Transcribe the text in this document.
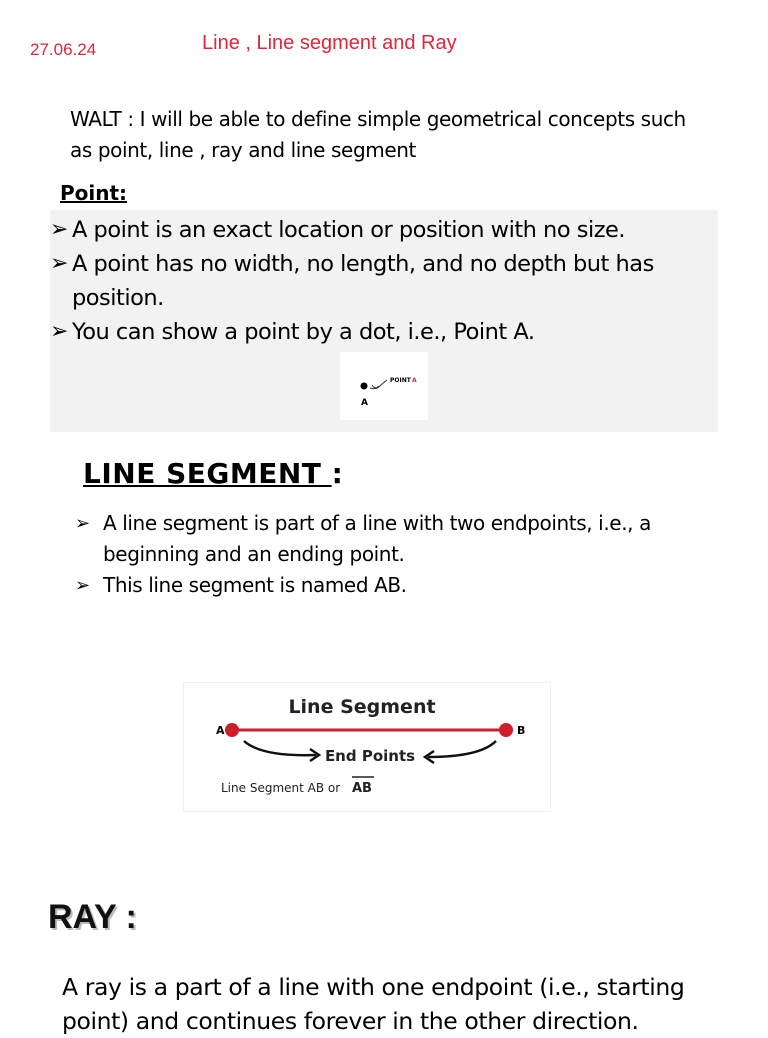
27.06.24	Line , Line segment and Ray
WALT : I will be able to define simple geometrical concepts such as point, line , ray and line segment
Point:
➢ A point is an exact location or position with no size.
➢ A point has no width, no length, and no depth but has position.
➢ You can show a point by a dot, i.e., Point A.
A
POINT A
LINE SEGMENT :
➢ A line segment is part of a line with two endpoints, i.e., a beginning and an ending point.
➢ This line segment is named AB.
Line Segment
A	B
End Points
Line Segment AB or AB
RAY :
A ray is a part of a line with one endpoint (i.e., starting point) and continues forever in the other direction.
